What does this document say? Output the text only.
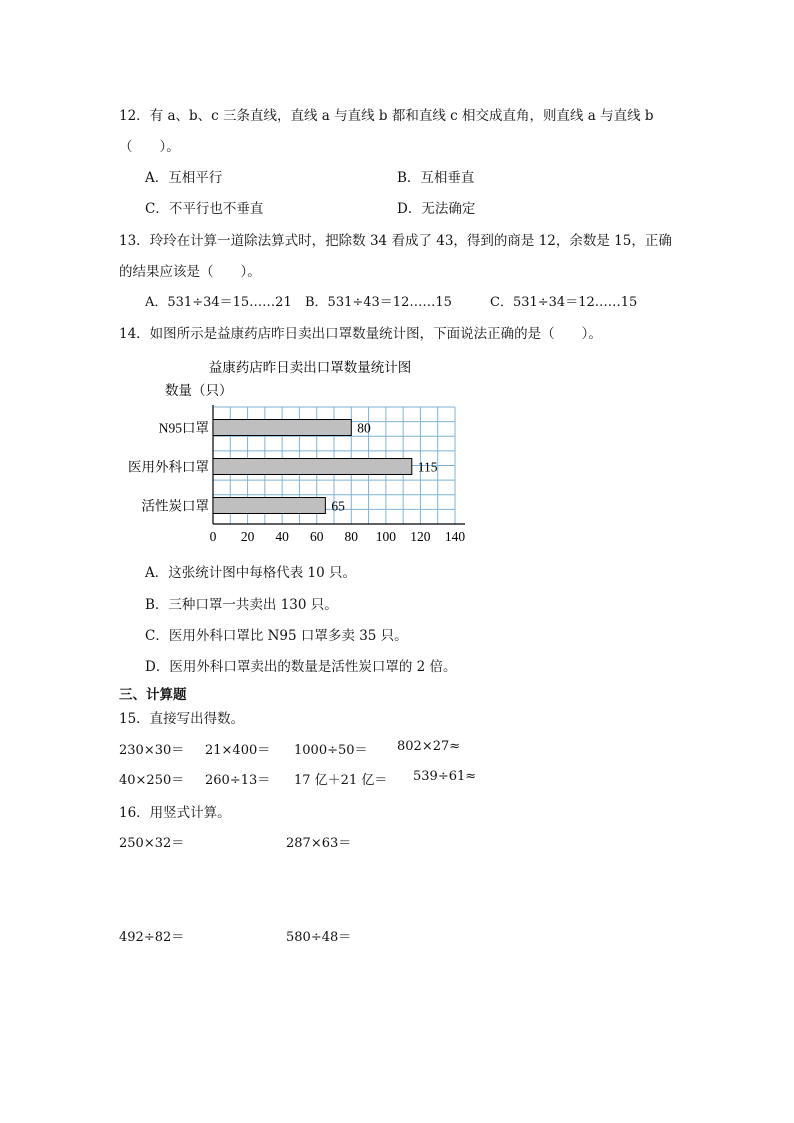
12．有 a、b、c 三条直线，直线 a 与直线 b 都和直线 c 相交成直角，则直线 a 与直线 b
（　　）。
A．互相平行	B．互相垂直
C．不平行也不垂直	D．无法确定
13．玲玲在计算一道除法算式时，把除数 34 看成了 43，得到的商是 12，余数是 15，正确
的结果应该是（　　）。
A．531÷34＝15……21 B．531÷43＝12……15	C．531÷34＝12……15
14．如图所示是益康药店昨日卖出口罩数量统计图，下面说法正确的是（　　）。
益康药店昨日卖出口罩数量统计图
数量（只）
80
115
65
N95口罩
医用外科口罩
活性炭口罩
0 20 40 60 80 100 120 140
A．这张统计图中每格代表 10 只。
B．三种口罩一共卖出 130 只。
C．医用外科口罩比 N95 口罩多卖 35 只。
D．医用外科口罩卖出的数量是活性炭口罩的 2 倍。
三、计算题
15．直接写出得数。
230×30＝ 21×400＝ 1000÷50＝ 802×27≈
40×250＝ 260÷13＝ 17 亿＋21 亿＝ 539÷61≈
16．用竖式计算。
250×32＝	287×63＝
492÷82＝	580÷48＝
